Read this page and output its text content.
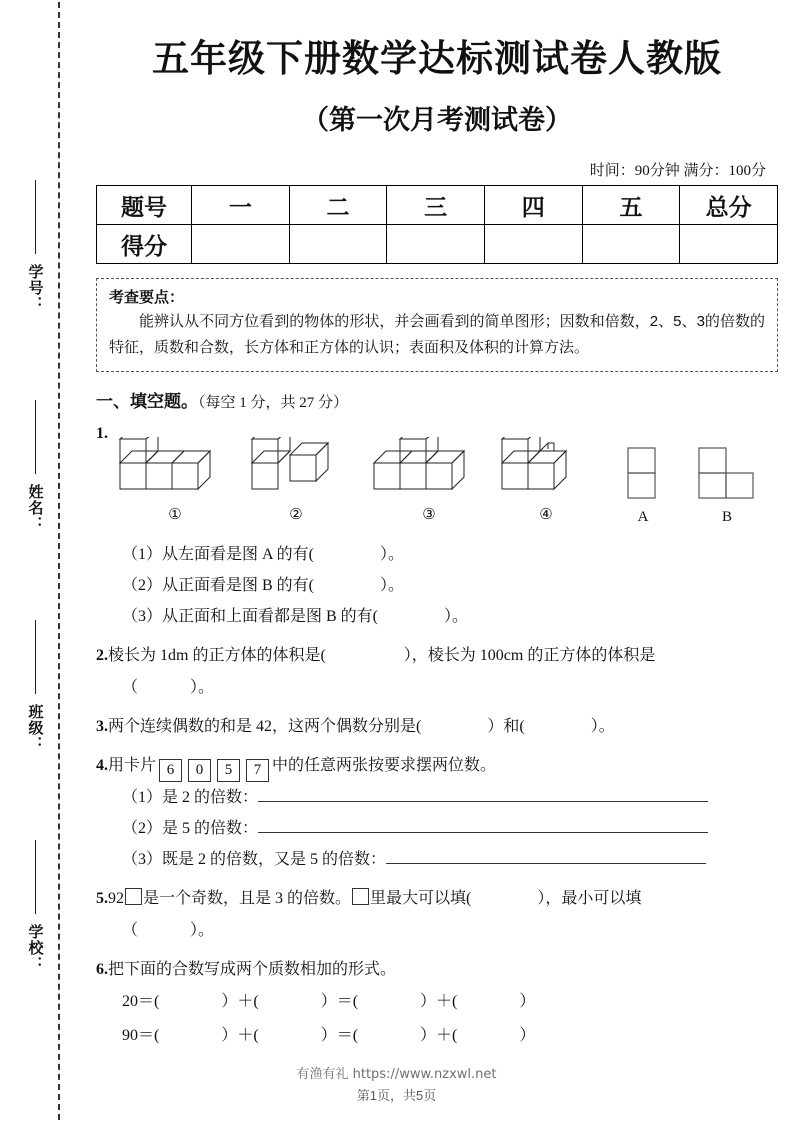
学号：
姓名：
班级：
学校：
五年级下册数学达标测试卷人教版
（第一次月考测试卷）
时间：90分钟 满分：100分
题号	一	二	三	四	五	总分
得分						
考查要点：
能辨认从不同方位看到的物体的形状，并会画看到的简单图形；因数和倍数，2、5、3的倍数的特征，质数和合数，长方体和正方体的认识；表面积及体积的计算方法。
一、填空题。（每空 1 分，共 27 分）
1.
①	②	③	④	A	B
（1）从左面看是图 A 的有(	）。
（2）从正面看是图 B 的有(	）。
（3）从正面和上面看都是图 B 的有(	）。
2.棱长为 1dm 的正方体的体积是(	），棱长为 100cm 的正方体的体积是
（	）。
3.两个连续偶数的和是 42，这两个偶数分别是(	）和(	）。
4.用卡片 6 0 5 7 中的任意两张按要求摆两位数。
（1）是 2 的倍数：
（2）是 5 的倍数：
（3）既是 2 的倍数，又是 5 的倍数：
5.92 是一个奇数，且是 3 的倍数。 里最大可以填(	），最小可以填
（	）。
6.把下面的合数写成两个质数相加的形式。
20＝(	）＋(	）＝(	）＋(	）
90＝(	）＋(	）＝(	）＋(	）
有渔有礼 https://www.nzxwl.net
第1页，共5页
